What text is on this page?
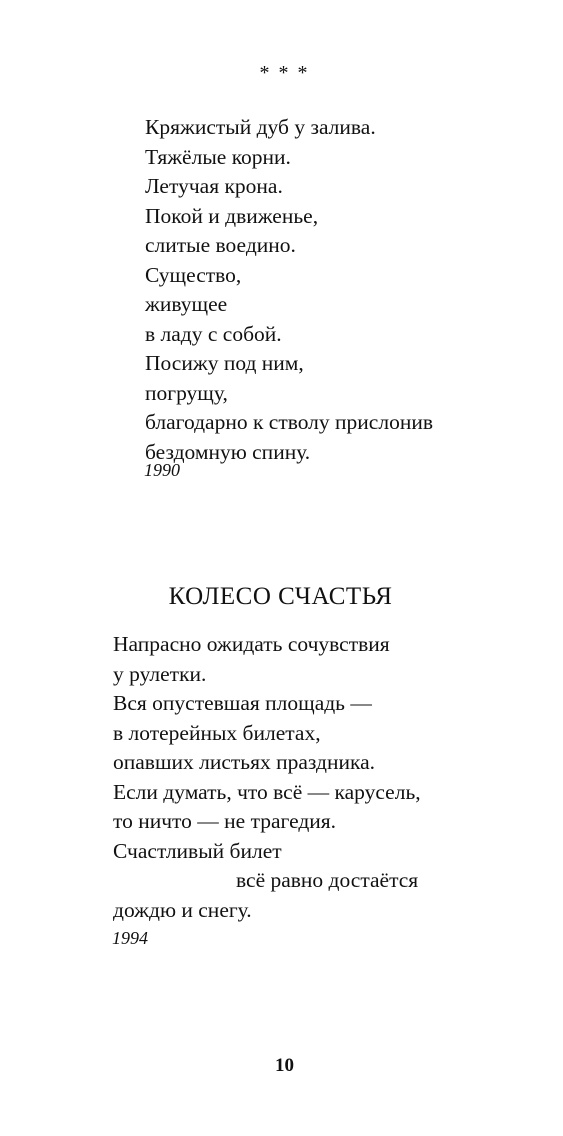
* * *
Кряжистый дуб у залива.
Тяжёлые корни.
Летучая крона.
Покой и движенье,
слитые воедино.
Существо,
живущее
в ладу с собой.
Посижу под ним,
погрущу,
благодарно к стволу прислонив
бездомную спину.
1990
КОЛЕСО СЧАСТЬЯ
Напрасно ожидать сочувствия
у рулетки.
Вся опустевшая площадь —
в лотерейных билетах,
опавших листьях праздника.
Если думать, что всё — карусель,
то ничто — не трагедия.
Счастливый билет
всё равно достаётся
дождю и снегу.
1994
10
